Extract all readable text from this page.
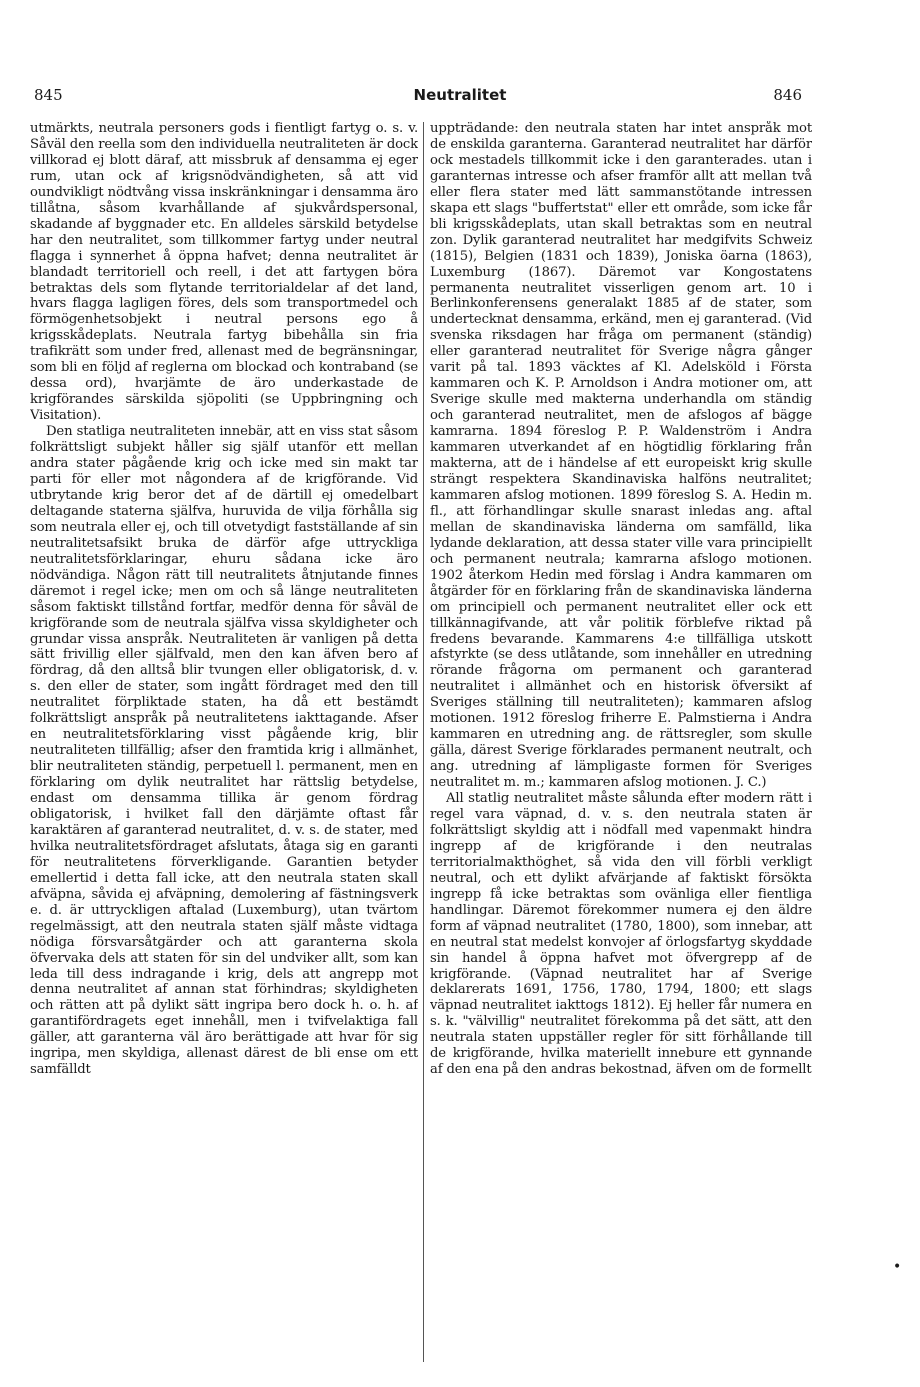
845	Neutralitet	846

utmärkts, neutrala personers gods i fientligt fartyg o. s. v. Såväl den reella som den individuella neutraliteten är dock villkorad ej blott däraf, att missbruk af densamma ej eger rum, utan ock af krigsnödvändigheten, så att vid oundvikligt nödtvång vissa inskränkningar i densamma äro tillåtna, såsom kvarhållande af sjukvårdspersonal, skadande af byggnader etc. En alldeles särskild betydelse har den neutralitet, som tillkommer fartyg under neutral flagga i synnerhet å öppna hafvet; denna neutralitet är blandadt territoriell och reell, i det att fartygen böra betraktas dels som flytande territorialdelar af det land, hvars flagga lagligen föres, dels som transportmedel och förmögenhetsobjekt i neutral persons ego å krigsskådeplats. Neutrala fartyg bibehålla sin fria trafikrätt som under fred, allenast med de begränsningar, som bli en följd af reglerna om blockad och kontraband (se dessa ord), hvarjämte de äro underkastade de krigförandes särskilda sjöpoliti (se Uppbringning och Visitation).

Den statliga neutraliteten innebär, att en viss stat såsom folkrättsligt subjekt håller sig själf utanför ett mellan andra stater pågående krig och icke med sin makt tar parti för eller mot någondera af de krigförande. Vid utbrytande krig beror det af de därtill ej omedelbart deltagande staterna själfva, huruvida de vilja förhålla sig som neutrala eller ej, och till otvetydigt fastställande af sin neutralitetsafsikt bruka de därför afge uttryckliga neutralitetsförklaringar, ehuru sådana icke äro nödvändiga. Någon rätt till neutralitets åtnjutande finnes däremot i regel icke; men om och så länge neutraliteten såsom faktiskt tillstånd fortfar, medför denna för såväl de krigförande som de neutrala själfva vissa skyldigheter och grundar vissa anspråk. Neutraliteten är vanligen på detta sätt frivillig eller själfvald, men den kan äfven bero af fördrag, då den alltså blir tvungen eller obligatorisk, d. v. s. den eller de stater, som ingått fördraget med den till neutralitet förpliktade staten, ha då ett bestämdt folkrättsligt anspråk på neutralitetens iakttagande. Afser en neutralitetsförklaring visst pågående krig, blir neutraliteten tillfällig; afser den framtida krig i allmänhet, blir neutraliteten ständig, perpetuell l. permanent, men en förklaring om dylik neutralitet har rättslig betydelse, endast om densamma tillika är genom fördrag obligatorisk, i hvilket fall den därjämte oftast får karaktären af garanterad neutralitet, d. v. s. de stater, med hvilka neutralitetsfördraget afslutats, åtaga sig en garanti för neutralitetens förverkligande. Garantien betyder emellertid i detta fall icke, att den neutrala staten skall afväpna, såvida ej afväpning, demolering af fästningsverk e. d. är uttryckligen aftalad (Luxemburg), utan tvärtom regelmässigt, att den neutrala staten själf måste vidtaga nödiga försvarsåtgärder och att garanterna skola öfvervaka dels att staten för sin del undviker allt, som kan leda till dess indragande i krig, dels att angrepp mot denna neutralitet af annan stat förhindras; skyldigheten och rätten att på dylikt sätt ingripa bero dock h. o. h. af garantifördragets eget innehåll, men i tvifvelaktiga fall gäller, att garanterna väl äro berättigade att hvar för sig ingripa, men skyldiga, allenast därest de bli ense om ett samfälldt

uppträdande: den neutrala staten har intet anspråk mot de enskilda garanterna. Garanterad neutralitet har därför ock mestadels tillkommit icke i den garanterades. utan i garanternas intresse och afser framför allt att mellan två eller flera stater med lätt sammanstötande intressen skapa ett slags "buffertstat" eller ett område, som icke får bli krigsskådeplats, utan skall betraktas som en neutral zon. Dylik garanterad neutralitet har medgifvits Schweiz (1815), Belgien (1831 och 1839), Joniska öarna (1863), Luxemburg (1867). Däremot var Kongostatens permanenta neutralitet visserligen genom art. 10 i Berlinkonferensens generalakt 1885 af de stater, som undertecknat densamma, erkänd, men ej garanterad. (Vid svenska riksdagen har fråga om permanent (ständig) eller garanterad neutralitet för Sverige några gånger varit på tal. 1893 väcktes af Kl. Adelsköld i Första kammaren och K. P. Arnoldson i Andra motioner om, att Sverige skulle med makterna underhandla om ständig och garanterad neutralitet, men de afslogos af bägge kamrarna. 1894 föreslog P. P. Waldenström i Andra kammaren utverkandet af en högtidlig förklaring från makterna, att de i händelse af ett europeiskt krig skulle strängt respektera Skandinaviska halföns neutralitet; kammaren afslog motionen. 1899 föreslog S. A. Hedin m. fl., att förhandlingar skulle snarast inledas ang. aftal mellan de skandinaviska länderna om samfälld, lika lydande deklaration, att dessa stater ville vara principiellt och permanent neutrala; kamrarna afslogo motionen. 1902 återkom Hedin med förslag i Andra kammaren om åtgärder för en förklaring från de skandinaviska länderna om principiell och permanent neutralitet eller ock ett tillkännagifvande, att vår politik förblefve riktad på fredens bevarande. Kammarens 4:e tillfälliga utskott afstyrkte (se dess utlåtande, som innehåller en utredning rörande frågorna om permanent och garanterad neutralitet i allmänhet och en historisk öfversikt af Sveriges ställning till neutraliteten); kammaren afslog motionen. 1912 föreslog friherre E. Palmstierna i Andra kammaren en utredning ang. de rättsregler, som skulle gälla, därest Sverige förklarades permanent neutralt, och ang. utredning af lämpligaste formen för Sveriges neutralitet m. m.; kammaren afslog motionen. J. C.)

All statlig neutralitet måste sålunda efter modern rätt i regel vara väpnad, d. v. s. den neutrala staten är folkrättsligt skyldig att i nödfall med vapenmakt hindra ingrepp af de krigförande i den neutralas territorialmakthöghet, så vida den vill förbli verkligt neutral, och ett dylikt afvärjande af faktiskt försökta ingrepp få icke betraktas som ovänliga eller fientliga handlingar. Däremot förekommer numera ej den äldre form af väpnad neutralitet (1780, 1800), som innebar, att en neutral stat medelst konvojer af örlogsfartyg skyddade sin handel å öppna hafvet mot öfvergrepp af de krigförande. (Väpnad neutralitet har af Sverige deklarerats 1691, 1756, 1780, 1794, 1800; ett slags väpnad neutralitet iakttogs 1812). Ej heller får numera en s. k. "välvillig" neutralitet förekomma på det sätt, att den neutrala staten uppställer regler för sitt förhållande till de krigförande, hvilka materiellt innebure ett gynnande af den ena på den andras bekostnad, äfven om de formellt

•
